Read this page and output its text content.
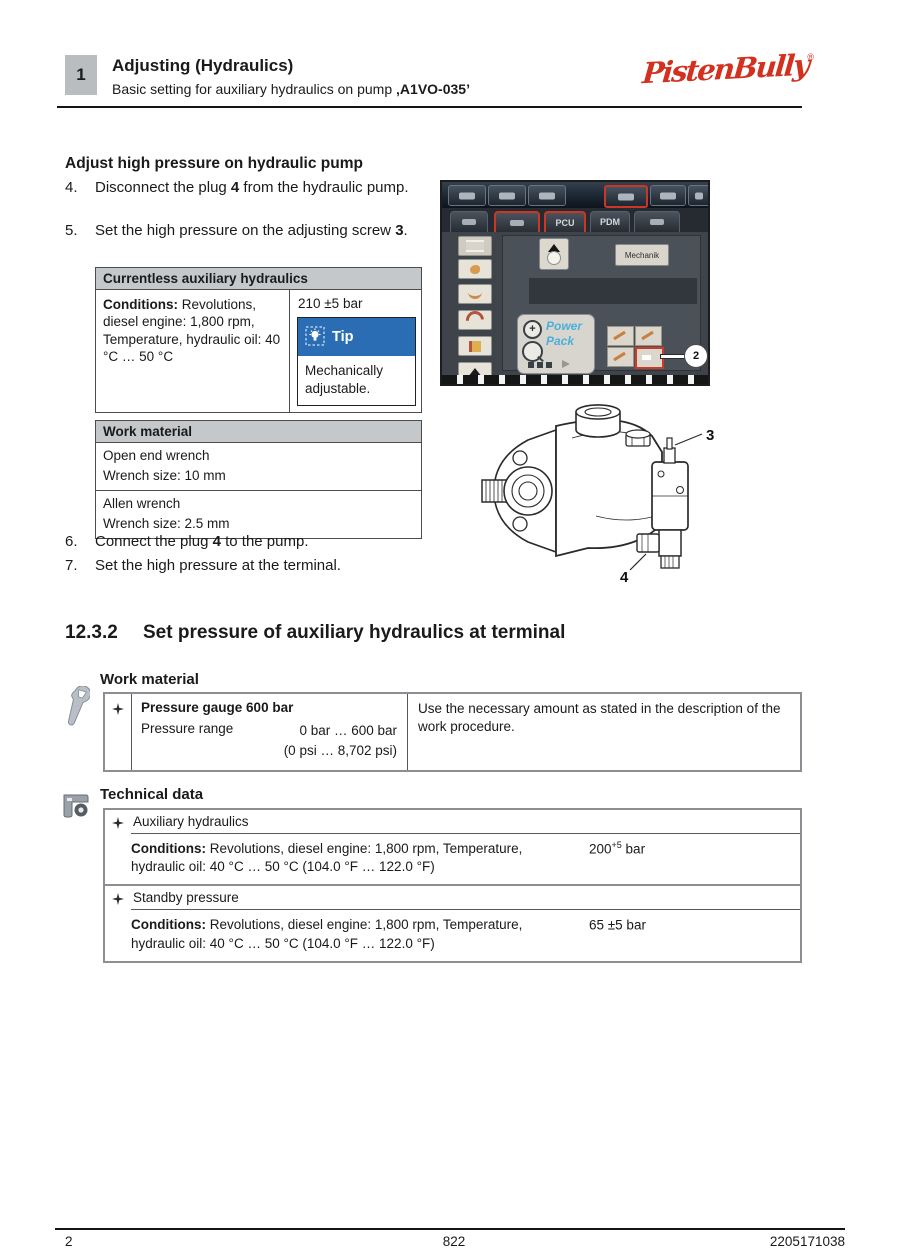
1	Adjusting (Hydraulics)
Basic setting for auxiliary hydraulics on pump ‚A1VO-035’	PistenBully®
Adjust high pressure on hydraulic pump
4.	Disconnect the plug 4 from the hydraulic pump.
5.	Set the high pressure on the adjusting screw 3.
Currentless auxiliary hydraulics
Conditions: Revolutions, diesel engine: 1,800 rpm, Temperature, hydraulic oil: 40 °C … 50 °C
210 ±5 bar
Tip
Mechanically adjustable.
Work material
Open end wrench
Wrench size: 10 mm
Allen wrench
Wrench size: 2.5 mm
6.	Connect the plug 4 to the pump.
7.	Set the high pressure at the terminal.
PCU	PDM
Mechanik
+ Power
Pack
2
3
4
12.3.2 Set pressure of auxiliary hydraulics at terminal
Work material
Pressure gauge 600 bar
Pressure range	0 bar … 600 bar
(0 psi … 8,702 psi)
Use the necessary amount as stated in the description of the work procedure.
Technical data
Auxiliary hydraulics
Conditions: Revolutions, diesel engine: 1,800 rpm, Temperature, hydraulic oil: 40 °C … 50 °C (104.0 °F … 122.0 °F)
$200^{+5}$ bar
Standby pressure
Conditions: Revolutions, diesel engine: 1,800 rpm, Temperature, hydraulic oil: 40 °C … 50 °C (104.0 °F … 122.0 °F)
65 ±5 bar
2	822	2205171038
